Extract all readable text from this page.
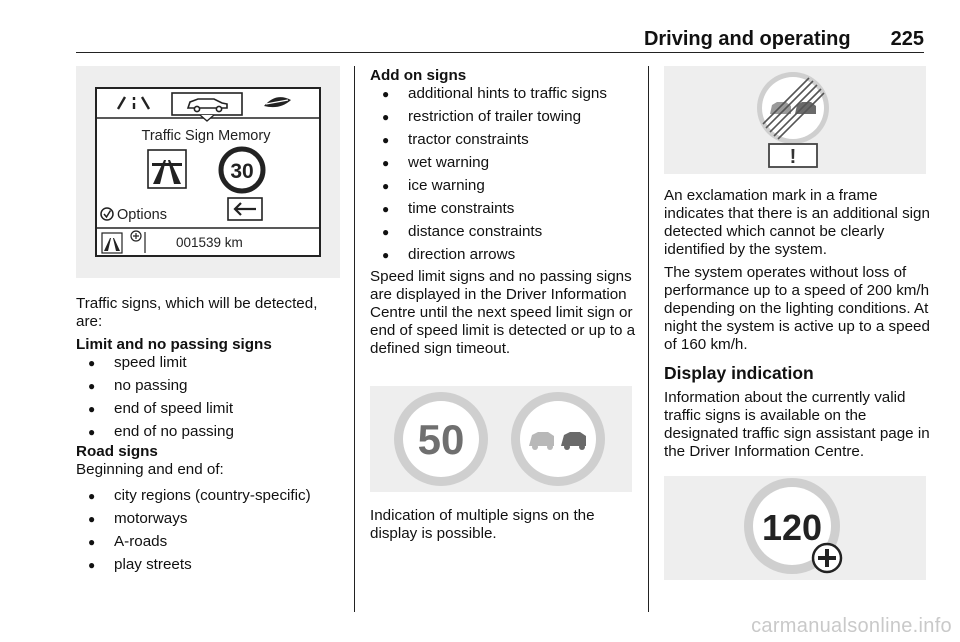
Driving and operating 225
Traffic Sign Memory
30
Options
001539 km
Traffic signs, which will be detected, are:
Limit and no passing signs
● speed limit
● no passing
● end of speed limit
● end of no passing
Road signs
Beginning and end of:
● city regions (country-specific)
● motorways
● A-roads
● play streets
Add on signs
● additional hints to traffic signs
● restriction of trailer towing
● tractor constraints
● wet warning
● ice warning
● time constraints
● distance constraints
● direction arrows
Speed limit signs and no passing signs are displayed in the Driver Information Centre until the next speed limit sign or end of speed limit is detected or up to a defined sign timeout.
50
Indication of multiple signs on the display is possible.
!
An exclamation mark in a frame indicates that there is an additional sign detected which cannot be clearly identified by the system.
The system operates without loss of performance up to a speed of 200 km/h depending on the lighting conditions. At night the system is active up to a speed of 160 km/h.
Display indication
Information about the currently valid traffic signs is available on the designated traffic sign assistant page in the Driver Information Centre.
120
carmanualsonline.info
